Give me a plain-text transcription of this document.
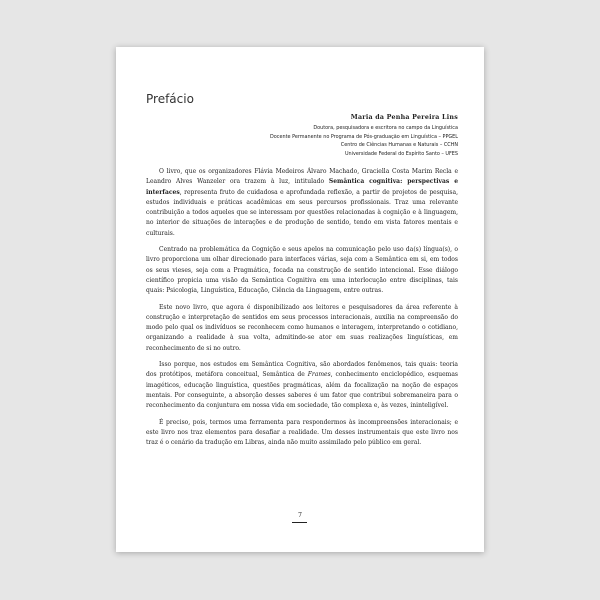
Prefácio
Maria da Penha Pereira Lins
Doutora, pesquisadora e escritora no campo da Linguística
Docente Permanente no Programa de Pós-graduação em Linguística – PPGEL
Centro de Ciências Humanas e Naturais – CCHN
Universidade Federal do Espírito Santo – UFES

O livro, que os organizadores Flávia Medeiros Álvaro Machado, Graciella Costa Marim Recla e Leandro Alves Wanzeler ora trazem à luz, intitulado Semântica cognitiva: perspectivas e interfaces, representa fruto de cuidadosa e aprofundada reflexão, a partir de projetos de pesquisa, estudos individuais e práticas acadêmicas em seus percursos profissionais. Traz uma relevante contribuição a todos aqueles que se interessam por questões relacionadas à cognição e à linguagem, no interior de situações de interações e de produção de sentido, tendo em vista fatores mentais e culturais.

Centrado na problemática da Cognição e seus apelos na comunicação pelo uso da(s) língua(s), o livro proporciona um olhar direcionado para interfaces várias, seja com a Semântica em si, em todos os seus vieses, seja com a Pragmática, focada na construção de sentido intencional. Esse diálogo científico propicia uma visão da Semântica Cognitiva em uma interlocução entre disciplinas, tais quais: Psicologia, Linguística, Educação, Ciência da Linguagem, entre outras.

Este novo livro, que agora é disponibilizado aos leitores e pesquisadores da área referente à construção e interpretação de sentidos em seus processos interacionais, auxilia na compreensão do modo pelo qual os indivíduos se reconhecem como humanos e interagem, interpretando o cotidiano, organizando a realidade à sua volta, admitindo-se ator em suas realizações linguísticas, em reconhecimento de si no outro.

Isso porque, nos estudos em Semântica Cognitiva, são abordados fenômenos, tais quais: teoria dos protótipos, metáfora conceitual, Semântica de Frames, conhecimento enciclopédico, esquemas imagéticos, educação linguística, questões pragmáticas, além da focalização na noção de espaços mentais. Por conseguinte, a absorção desses saberes é um fator que contribui sobremaneira para o reconhecimento da conjuntura em nossa vida em sociedade, tão complexa e, às vezes, ininteligível.

É preciso, pois, termos uma ferramenta para respondermos às incompreensões interacionais; e este livro nos traz elementos para desafiar a realidade. Um desses instrumentais que este livro nos traz é o cenário da tradução em Libras, ainda não muito assimilado pelo público em geral.

7
